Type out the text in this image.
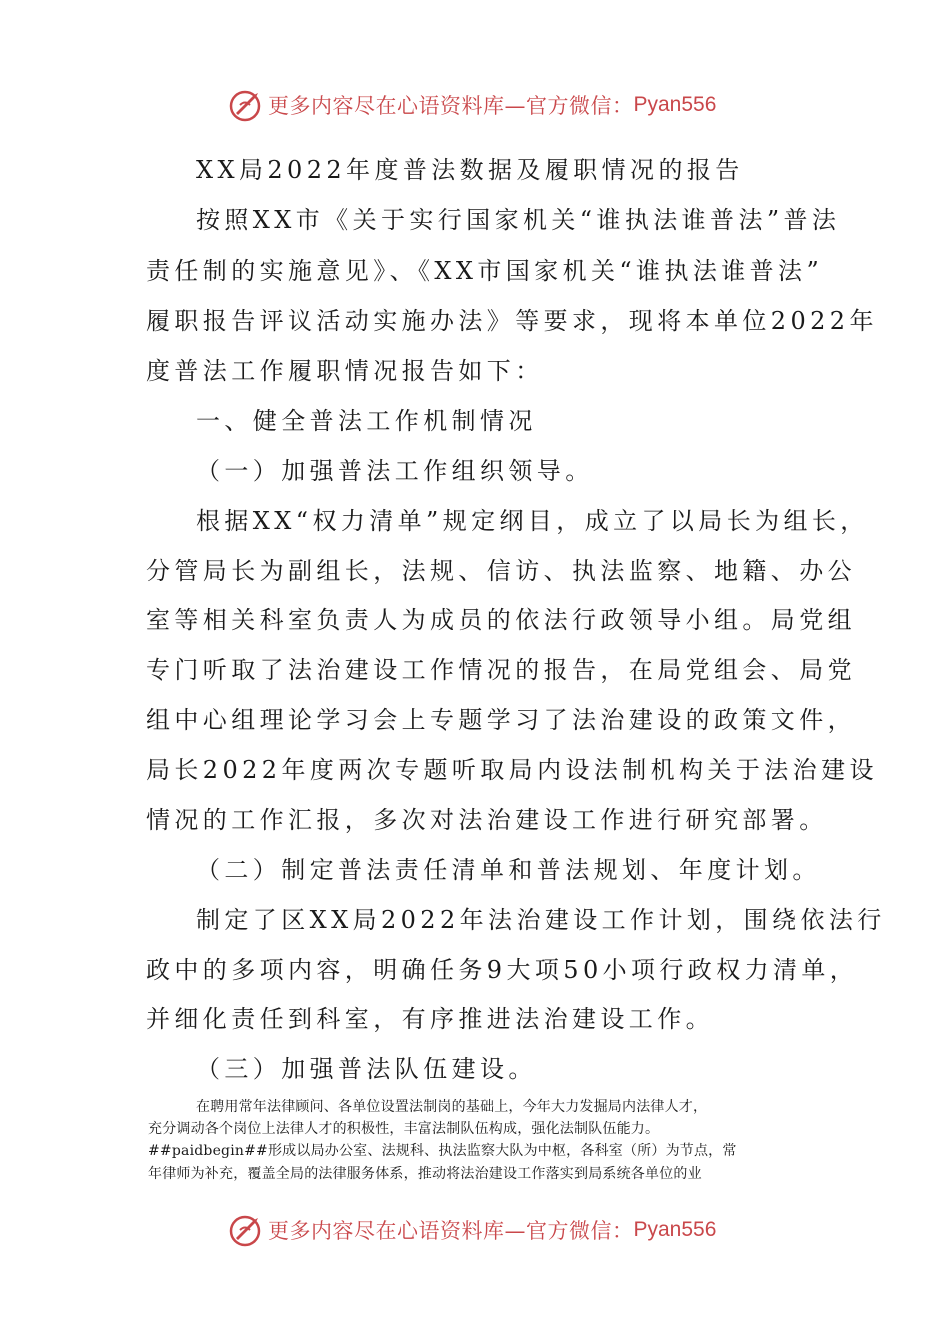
更多内容尽在心语资料库—官方微信： Pyan556
XX局2022年度普法数据及履职情况的报告
按照XX市《关于实行国家机关“谁执法谁普法”普法
责任制的实施意见》、《XX市国家机关“谁执法谁普法”
履职报告评议活动实施办法》等要求，现将本单位2022年
度普法工作履职情况报告如下：
一、健全普法工作机制情况
（一）加强普法工作组织领导。
根据XX“权力清单”规定纲目，成立了以局长为组长，
分管局长为副组长，法规、信访、执法监察、地籍、办公
室等相关科室负责人为成员的依法行政领导小组。局党组
专门听取了法治建设工作情况的报告，在局党组会、局党
组中心组理论学习会上专题学习了法治建设的政策文件，
局长2022年度两次专题听取局内设法制机构关于法治建设
情况的工作汇报，多次对法治建设工作进行研究部署。
（二）制定普法责任清单和普法规划、年度计划。
制定了区XX局2022年法治建设工作计划，围绕依法行
政中的多项内容，明确任务9大项50小项行政权力清单，
并细化责任到科室，有序推进法治建设工作。
（三）加强普法队伍建设。
在聘用常年法律顾问、各单位设置法制岗的基础上，今年大力发掘局内法律人才，
充分调动各个岗位上法律人才的积极性，丰富法制队伍构成，强化法制队伍能力。
##paidbegin##形成以局办公室、法规科、执法监察大队为中枢，各科室（所）为节点，常
年律师为补充，覆盖全局的法律服务体系，推动将法治建设工作落实到局系统各单位的业
更多内容尽在心语资料库—官方微信： Pyan556
